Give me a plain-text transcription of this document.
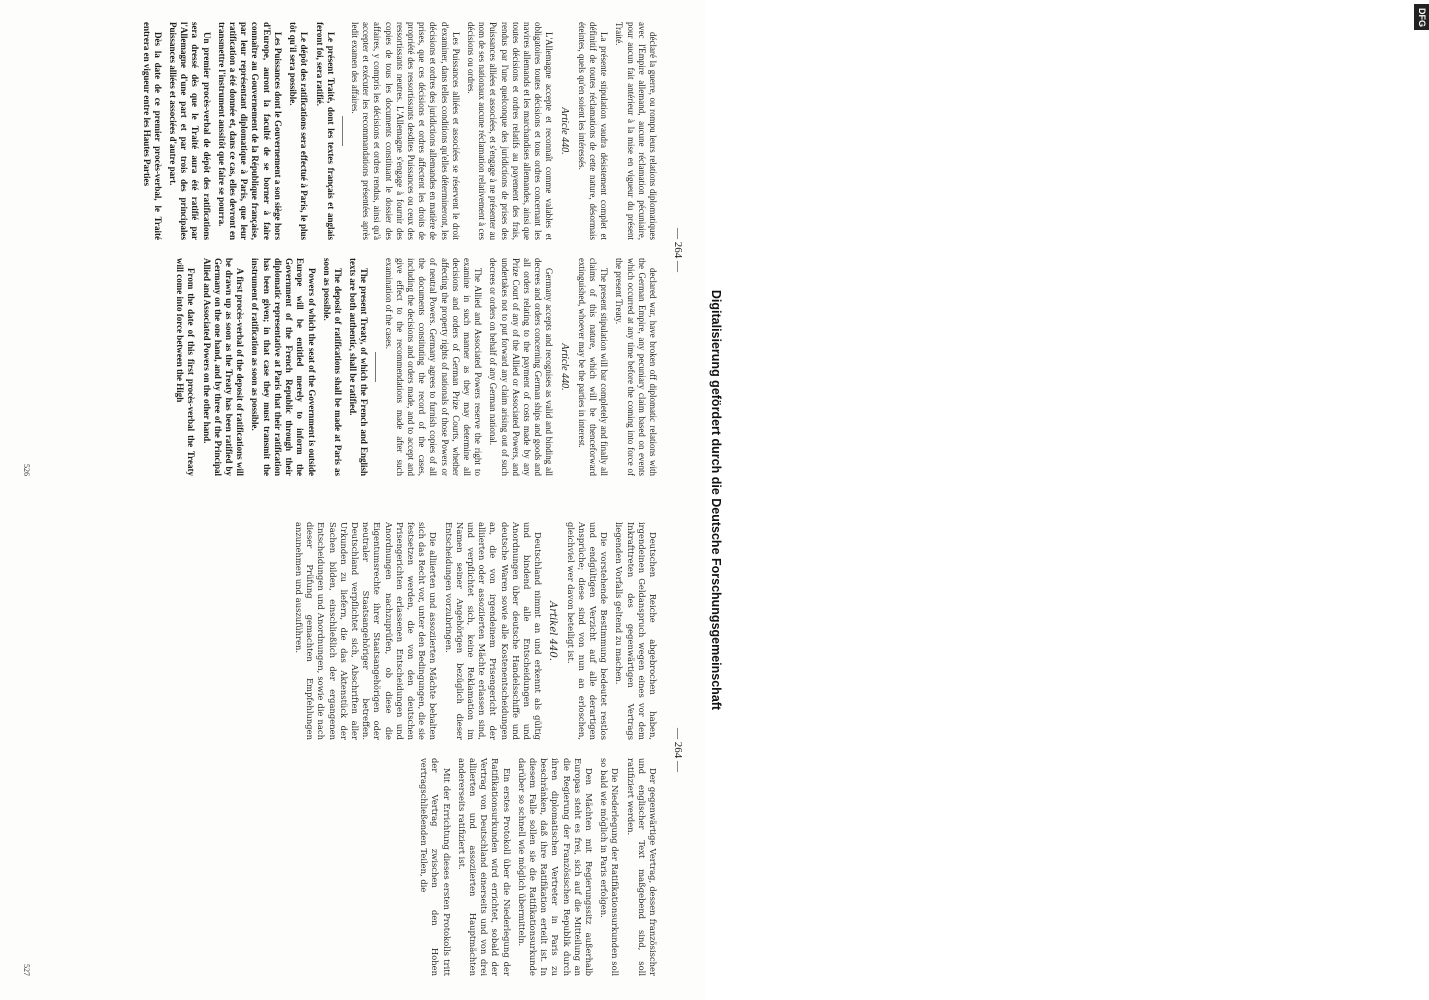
— 264 —

déclaré la guerre, ou rompu leurs relations diplomatiques avec l'Empire allemand, aucune réclamation pécuniaire, pour aucun fait antérieur à la mise en vigueur du présent Traité.

La présente stipulation vaudra désistement complet et définitif de toutes réclamations de cette nature, désormais éteintes, quels qu'en soient les intéressés.

Article 440.

L'Allemagne accepte et reconnaît comme valables et obligatoires toutes décisions et tous ordres concernant les navires allemands et les marchandises allemandes, ainsi que toutes décisions et ordres relatifs au payement des frais, rendus par l'une quelconque des juridictions de prises des Puissances alliées et associées, et s'engage à ne présenter au nom de ses nationaux aucune réclamation relativement à ces décisions ou ordres.

Les Puissances alliées et associées se réservent le droit d'examiner, dans telles conditions qu'elles détermineront, les décisions et ordres des juridictions allemandes en matière de prises, que ces décisions et ordres affectent les droits de propriété des ressortissants desdites Puissances ou ceux des ressortissants neutres. L'Allemagne s'engage à fournir des copies de tous les documents constituant le dossier des affaires, y compris les décisions et ordres rendus, ainsi qu'à accepter et exécuter les recommandations présentées après ledit examen des affaires.

Le présent Traité, dont les textes français et anglais feront foi, sera ratifié.

Le dépôt des ratifications sera effectué à Paris, le plus tôt qu'il sera possible.

Les Puissances dont le Gouvernement a son siège hors d'Europe, auront la faculté de se borner à faire connaître au Gouvernement de la République française, par leur représentant diplomatique à Paris, que leur ratification a été donnée et, dans ce cas, elles devront en transmettre l'instrument aussitôt que faire se pourra.

Un premier procès-verbal de dépôt des ratifications sera dressé dès que le Traité aura été ratifié par l'Allemagne d'une part et par trois des principales Puissances alliées et associées d'autre part.

Dès la date de ce premier procès-verbal, le Traité entrera en vigueur entre les Hautes Parties

declared war, have broken off diplomatic relations with the German Empire, any pecuniary claim based on events which occurred at any time before the coming into force of the present Treaty.

The present stipulation will bar completely and finally all claims of this nature, which will be thenceforward extinguished, whoever may be the parties in interest.

Article 440.

Germany accepts and recognises as valid and binding all decrees and orders concerning German ships and goods and all orders relating to the payment of costs made by any Prize Court of any of the Allied or Associated Powers, and undertakes not to put forward any claim arising out of such decrees or orders on behalf of any German national.

The Allied and Associated Powers reserve the right to examine in such manner as they may determine all decisions and orders of German Prize Courts, whether affecting the property rights of nationals of those Powers or of neutral Powers. Germany agrees to furnish copies of all the documents constituting the record of the cases, including the decisions and orders made, and to accept and give effect to the recommendations made after such examination of the cases.

The present Treaty, of which the French and English texts are both authentic, shall be ratified.

The deposit of ratifications shall be made at Paris as soon as possible.

Powers of which the seat of the Government is outside Europe will be entitled merely to inform the Government of the French Republic through their diplomatic representative at Paris that their ratification has been given; in that case they must transmit the instrument of ratification as soon as possible.

A first procès-verbal of the deposit of ratifications will be drawn up as soon as the Treaty has been ratified by Germany on the one hand, and by three of the Principal Allied and Associated Powers on the other hand.

From the date of this first procès-verbal the Treaty will come into force between the High

526
— 264 —

Deutschen Reiche abgebrochen haben, irgendeinen Geldanspruch wegen eines vor dem Inkrafttreten des gegenwärtigen Vertrags liegenden Vorfalls geltend zu machen.

Die vorstehende Bestimmung bedeutet restlos und endgültigen Verzicht auf alle derartigen Ansprüche; diese sind von nun an erloschen, gleichviel wer davon beteiligt ist.

Artikel 440.

Deutschland nimmt an und erkennt als gültig und bindend alle Entscheidungen und Anordnungen über deutsche Handelsschiffe und deutsche Waren sowie alle Kostenentscheidungen an, die von irgendeinem Prisengericht der alliierten oder assoziierten Mächte erlassen sind, und verpflichtet sich, keine Reklamation im Namen seiner Angehörigen bezüglich dieser Entscheidungen vorzubringen.

Die alliierten und assoziierten Mächte behalten sich das Recht vor, unter den Bedingungen, die sie festsetzen werden, die von den deutschen Prisengerichten erlassenen Entscheidungen und Anordnungen nachzuprüfen, ob diese die Eigentumsrechte ihrer Staatsangehörigen oder neutraler Staatsangehöriger betreffen. Deutschland verpflichtet sich, Abschriften aller Urkunden zu liefern, die das Aktenstück der Sachen bilden, einschließlich der ergangenen Entscheidungen und Anordnungen, sowie die nach dieser Prüfung gemachten Empfehlungen anzunehmen und auszuführen.

Der gegenwärtige Vertrag, dessen französischer und englischer Text maßgebend sind, soll ratifiziert werden.

Die Niederlegung der Ratifikationsurkunden soll so bald wie möglich in Paris erfolgen.

Den Mächten mit Regierungssitz außerhalb Europas steht es frei, sich auf die Mitteilung an die Regierung der Französischen Republik durch ihren diplomatischen Vertreter in Paris zu beschränken, daß ihre Ratifikation erteilt ist. In diesem Falle sollen sie die Ratifikationsurkunde darüber so schnell wie möglich übermitteln.

Ein erstes Protokoll über die Niederlegung der Ratifikationsurkunden wird errichtet, sobald der Vertrag von Deutschland einerseits und von drei alliierten und assoziierten Hauptmächten andererseits ratifiziert ist.

Mit der Errichtung dieses ersten Protokolls tritt der Vertrag zwischen den Hohen vertragschließenden Teilen, die

527
DFG
Digitalisierung gefördert durch die Deutsche Forschungsgemeinschaft
